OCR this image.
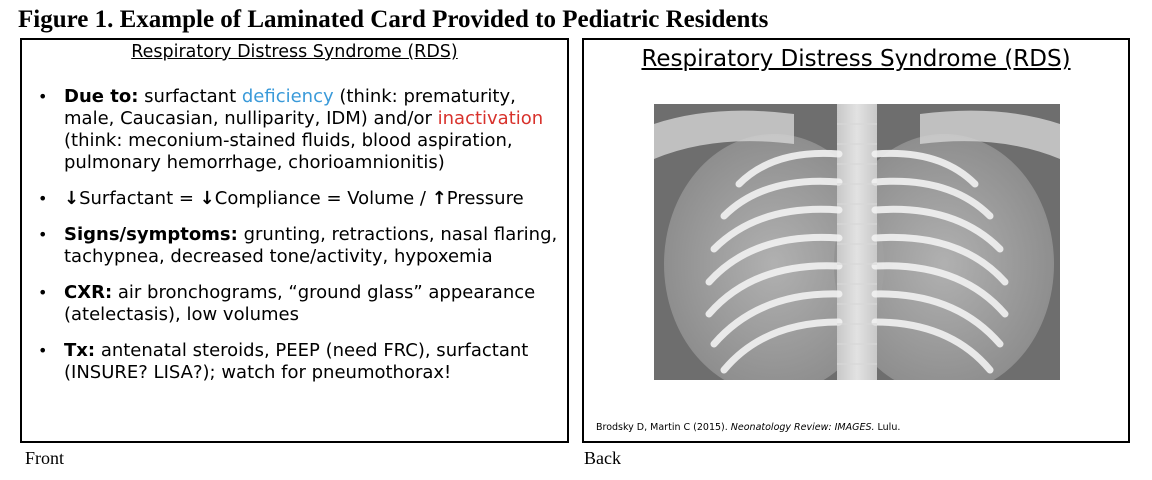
Figure 1. Example of Laminated Card Provided to Pediatric Residents
Respiratory Distress Syndrome (RDS)
• Due to: surfactant deficiency (think: prematurity, male, Caucasian, nulliparity, IDM) and/or inactivation (think: meconium-stained fluids, blood aspiration, pulmonary hemorrhage, chorioamnionitis)
• ↓Surfactant = ↓Compliance = Volume / ↑Pressure
• Signs/symptoms: grunting, retractions, nasal flaring, tachypnea, decreased tone/activity, hypoxemia
• CXR: air bronchograms, “ground glass” appearance (atelectasis), low volumes
• Tx: antenatal steroids, PEEP (need FRC), surfactant (INSURE? LISA?); watch for pneumothorax!
Respiratory Distress Syndrome (RDS)
Brodsky D, Martin C (2015). Neonatology Review: IMAGES. Lulu.
Front	Back
